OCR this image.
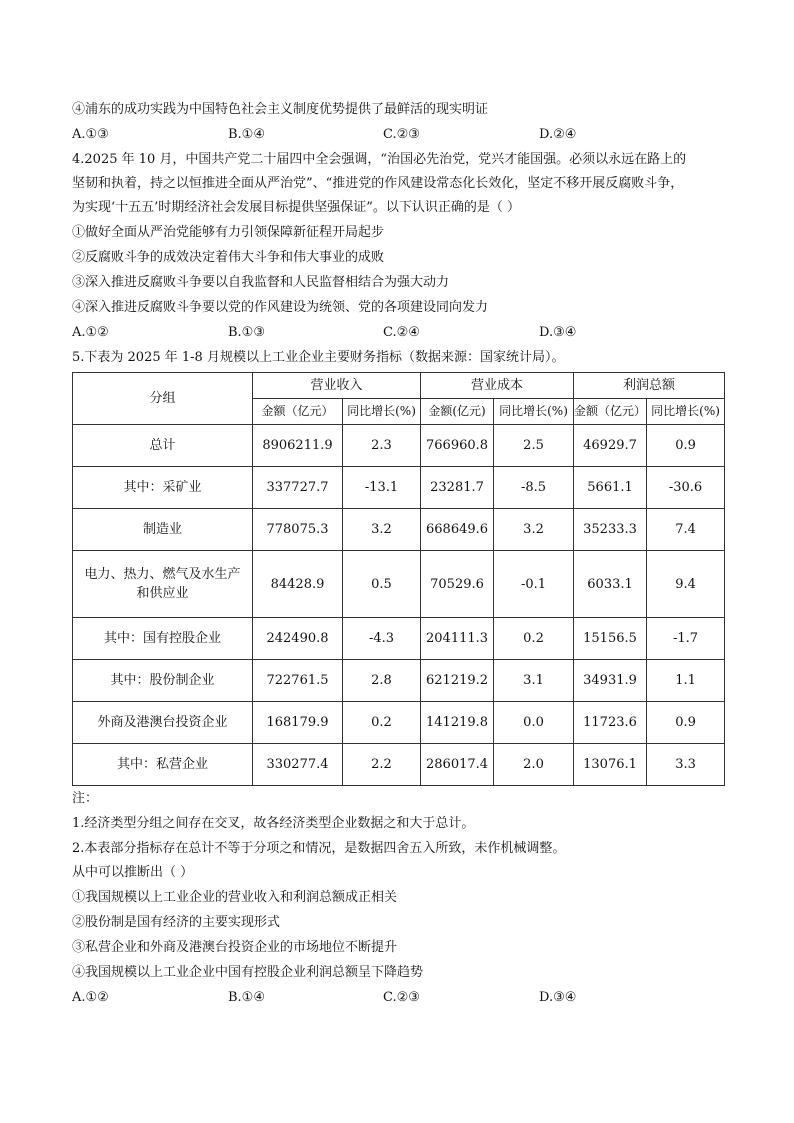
④浦东的成功实践为中国特色社会主义制度优势提供了最鲜活的现实明证
A.①③	B.①④	C.②③	D.②④
4.2025 年 10 月，中国共产党二十届四中全会强调，“治国必先治党，党兴才能国强。必须以永远在路上的
坚韧和执着，持之以恒推进全面从严治党”、“推进党的作风建设常态化长效化，坚定不移开展反腐败斗争，
为实现‘十五五’时期经济社会发展目标提供坚强保证”。以下认识正确的是（ ）
①做好全面从严治党能够有力引领保障新征程开局起步
②反腐败斗争的成效决定着伟大斗争和伟大事业的成败
③深入推进反腐败斗争要以自我监督和人民监督相结合为强大动力
④深入推进反腐败斗争要以党的作风建设为统领、党的各项建设同向发力
A.①②	B.①③	C.②④	D.③④
5.下表为 2025 年 1-8 月规模以上工业企业主要财务指标（数据来源：国家统计局）。
分组	营业收入		营业成本		利润总额	
	金额（亿元）	同比增长(%)	金额(亿元)	同比增长(%)	金额（亿元）	同比增长(%)
总计	8906211.9	2.3	766960.8	2.5	46929.7	0.9
其中：采矿业	337727.7	-13.1	23281.7	-8.5	5661.1	-30.6
制造业	778075.3	3.2	668649.6	3.2	35233.3	7.4

电力、热力、燃气及水生产
和供应业	84428.9	0.5	70529.6	-0.1	6033.1	9.4
其中：国有控股企业	242490.8	-4.3	204111.3	0.2	15156.5	-1.7
其中：股份制企业	722761.5	2.8	621219.2	3.1	34931.9	1.1
外商及港澳台投资企业	168179.9	0.2	141219.8	0.0	11723.6	0.9
其中：私营企业	330277.4	2.2	286017.4	2.0	13076.1	3.3
注：
1.经济类型分组之间存在交叉，故各经济类型企业数据之和大于总计。
2.本表部分指标存在总计不等于分项之和情况，是数据四舍五入所致，未作机械调整。
从中可以推断出（ ）
①我国规模以上工业企业的营业收入和利润总额成正相关
②股份制是国有经济的主要实现形式
③私营企业和外商及港澳台投资企业的市场地位不断提升
④我国规模以上工业企业中国有控股企业利润总额呈下降趋势
A.①②	B.①④	C.②③	D.③④
